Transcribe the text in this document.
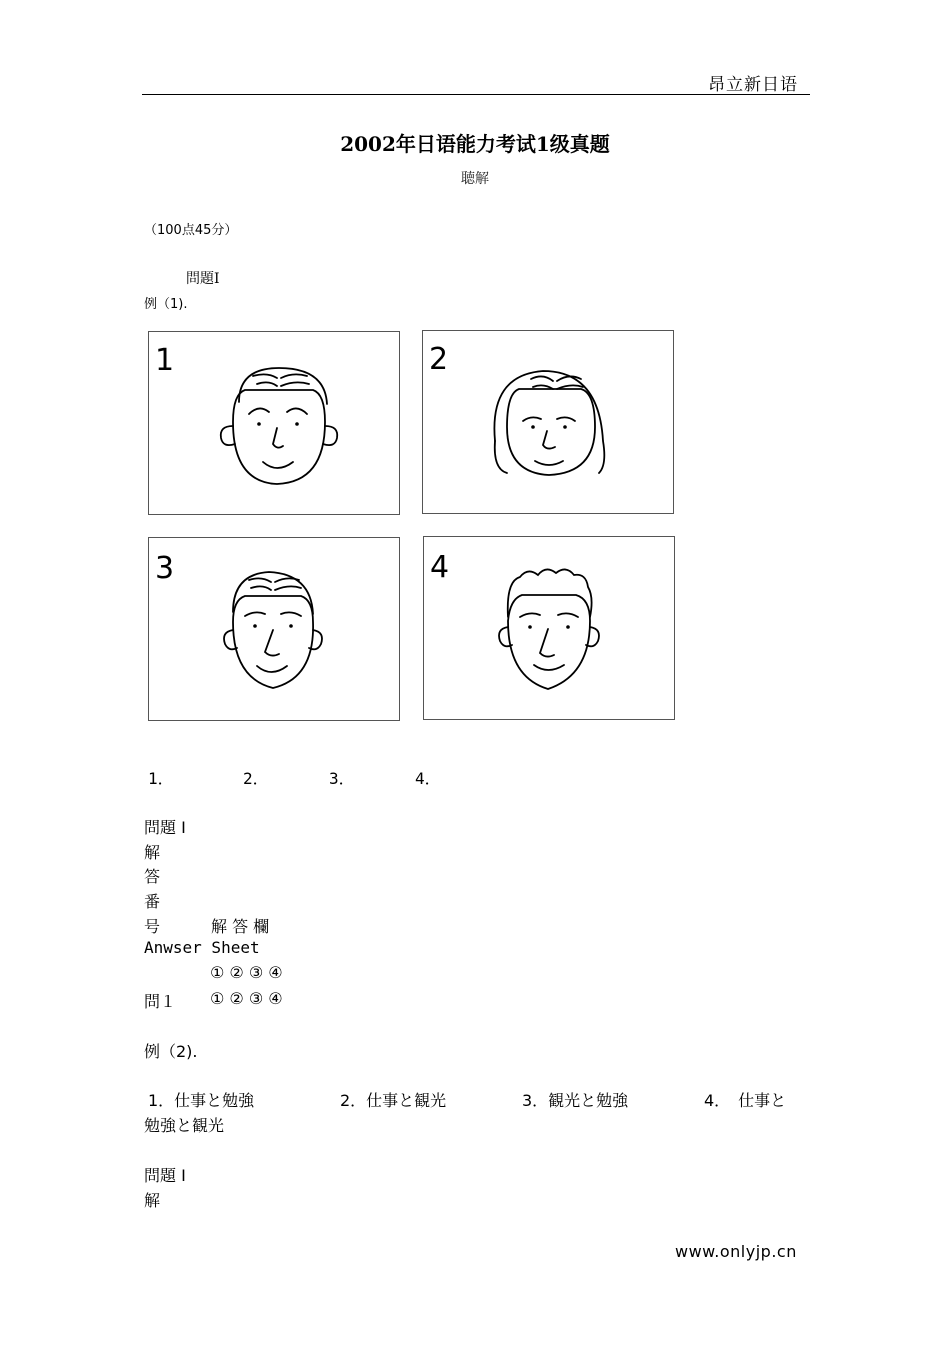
昂立新日语
2002年日语能力考试1级真题
聴解
（100点45分）
問題Ⅰ
例（1).
1	2
3	4
1．	2．	3．	4．
問題 Ⅰ
解
答
番
号	解 答 欄
Anwser Sheet
① ② ③ ④
問１ ① ② ③ ④
例（2).
1．仕事と勉強	2．仕事と観光	3．観光と勉強	4．　仕事と
勉強と観光
問題 Ⅰ
解
www.onlyjp.cn
